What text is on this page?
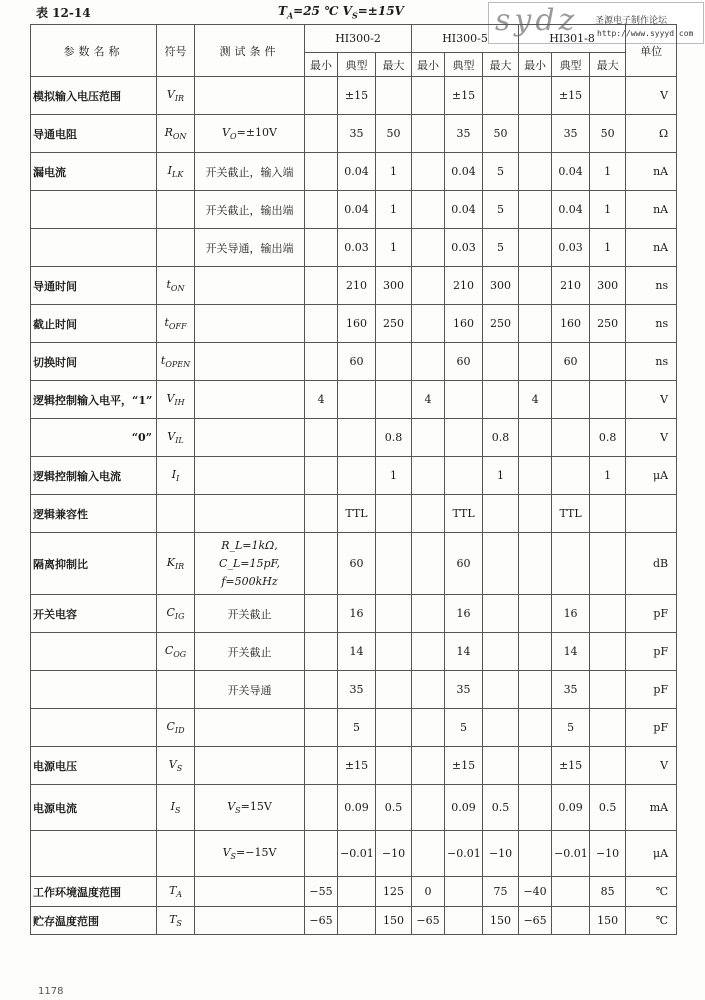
表 12-14	$T_A=25$ ℃ $V_S=\pm 15V$	sydz 圣源电子制作论坛
http://www.syyyd.com
参数名称	符号	测试条件	HI300-2			HI300-5			HI301-8			单位
			最小	典型	最大	最小	典型	最大	最小	典型	最大	
模拟输入电压范围	$V_{IR}$			±15			±15			±15		V
导通电阻	$R_{ON}$	$V_O=\pm 10V$		35	50		35	50		35	50	Ω
漏电流	$I_{LK}$	开关截止，输入端		0.04	1		0.04	5		0.04	1	nA
		开关截止，输出端		0.04	1		0.04	5		0.04	1	nA
		开关导通，输出端		0.03	1		0.03	5		0.03	1	nA
导通时间	$t_{ON}$			210	300		210	300		210	300	ns
截止时间	$t_{OFF}$			160	250		160	250		160	250	ns
切换时间	$t_{OPEN}$			60			60			60		ns
逻辑控制输入电平，“1”	$V_{IH}$		4			4			4			V
“0”	$V_{IL}$				0.8			0.8			0.8	V
逻辑控制输入电流	$I_I$				1			1			1	μA
逻辑兼容性				TTL			TTL			TTL		
隔离抑制比	$K_{IR}$	R_L=1kΩ,
C_L=15pF,
f=500kHz		60			60					dB
开关电容	$C_{IG}$	开关截止		16			16			16		pF
	$C_{OG}$	开关截止		14			14			14		pF
		开关导通		35			35			35		pF
	$C_{ID}$			5			5			5		pF
电源电压	$V_S$			±15			±15			±15		V
电源电流	$I_S$	$V_S=15V$		0.09	0.5		0.09	0.5		0.09	0.5	mA
		$V_S=-15V$		−0.01	−10		−0.01	−10		−0.01	−10	μA
工作环境温度范围	$T_A$		−55		125	0		75	−40		85	℃
贮存温度范围	$T_S$		−65		150	−65		150	−65		150	℃
1178
